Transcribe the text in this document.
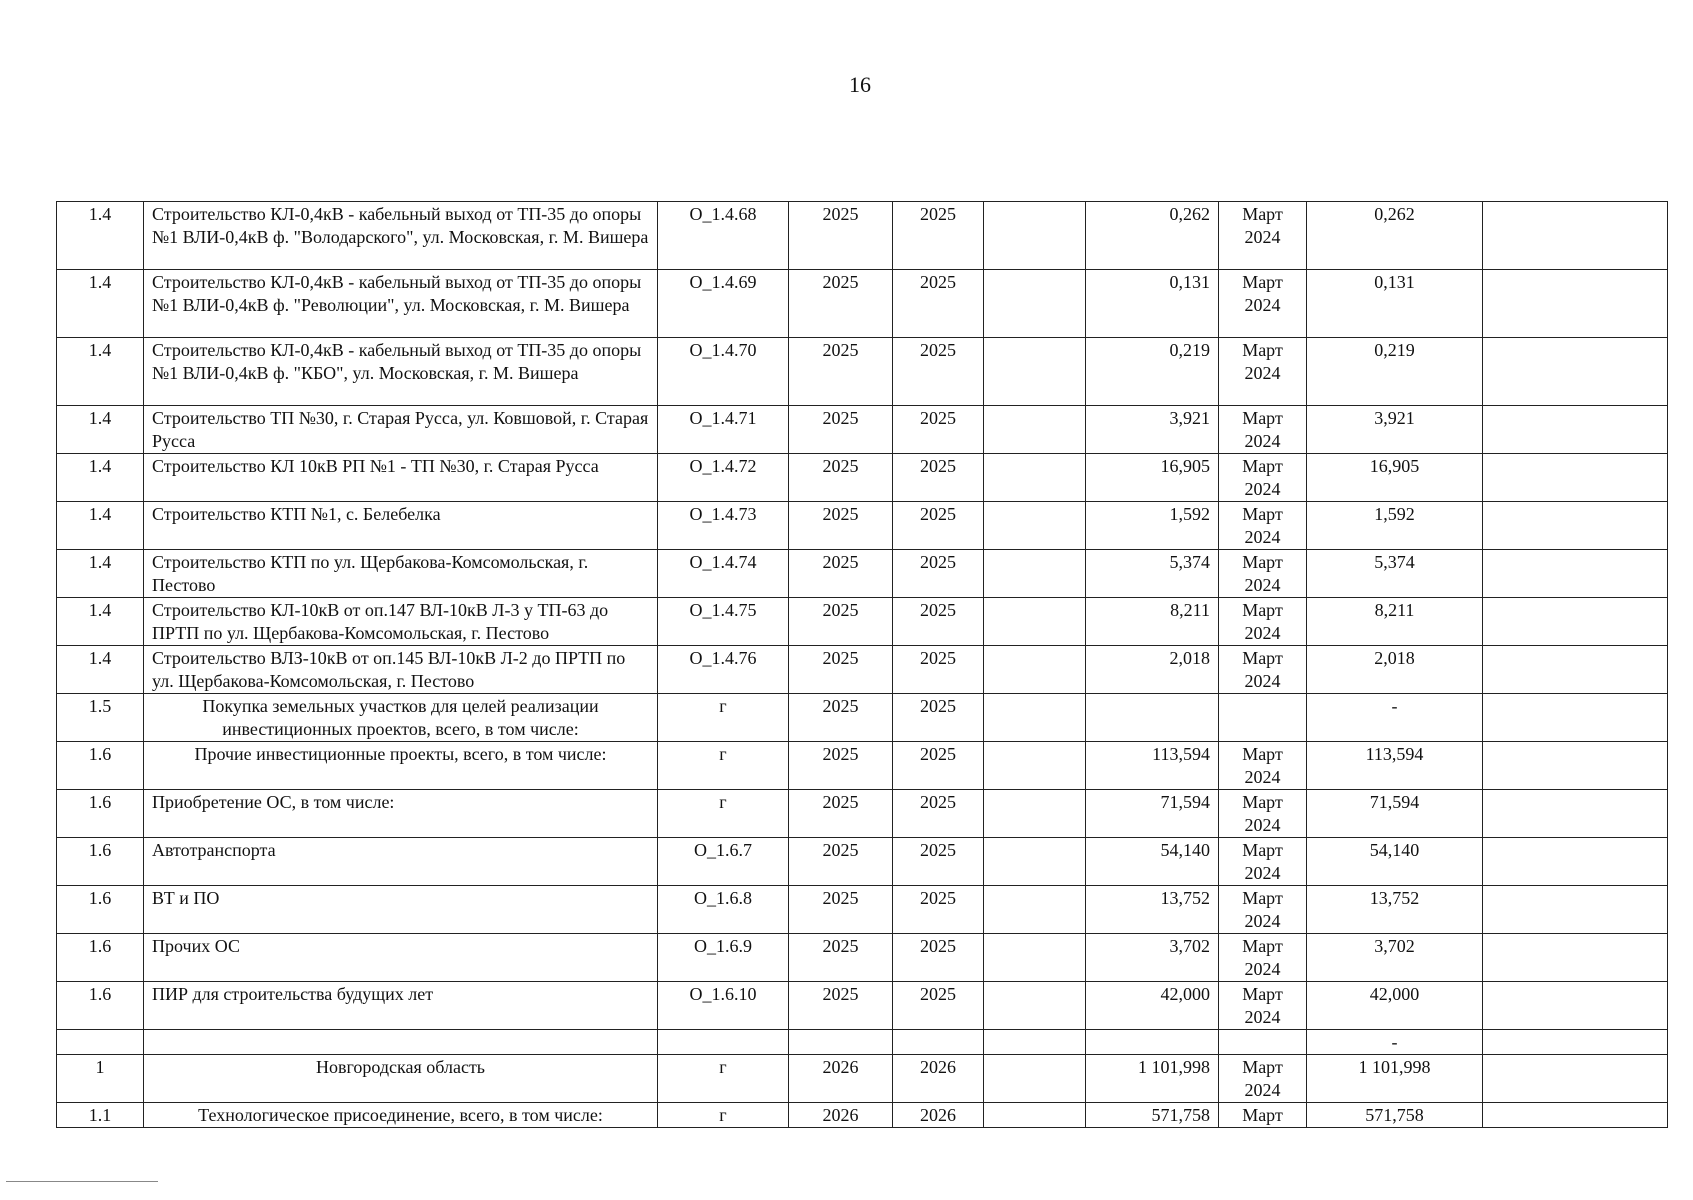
16
1.4	Строительство КЛ-0,4кВ - кабельный выход от ТП-35 до опоры №1 ВЛИ-0,4кВ ф. "Володарского", ул. Московская, г. М. Вишера	О_1.4.68	2025	2025		0,262	Март 2024	0,262	
1.4	Строительство КЛ-0,4кВ - кабельный выход от ТП-35 до опоры №1 ВЛИ-0,4кВ ф. "Революции", ул. Московская, г. М. Вишера	О_1.4.69	2025	2025		0,131	Март 2024	0,131	
1.4	Строительство КЛ-0,4кВ - кабельный выход от ТП-35 до опоры №1 ВЛИ-0,4кВ ф. "КБО", ул. Московская, г. М. Вишера	О_1.4.70	2025	2025		0,219	Март 2024	0,219	
1.4	Строительство ТП №30, г. Старая Русса, ул. Ковшовой, г. Старая Русса	О_1.4.71	2025	2025		3,921	Март 2024	3,921	
1.4	Строительство КЛ 10кВ РП №1 - ТП №30, г. Старая Русса	О_1.4.72	2025	2025		16,905	Март 2024	16,905	
1.4	Строительство КТП №1, с. Белебелка	О_1.4.73	2025	2025		1,592	Март 2024	1,592	
1.4	Строительство КТП по ул. Щербакова-Комсомольская, г. Пестово	О_1.4.74	2025	2025		5,374	Март 2024	5,374	
1.4	Строительство КЛ-10кВ от оп.147 ВЛ-10кВ Л-3 у ТП-63 до ПРТП по ул. Щербакова-Комсомольская, г. Пестово	О_1.4.75	2025	2025		8,211	Март 2024	8,211	
1.4	Строительство ВЛЗ-10кВ от оп.145 ВЛ-10кВ Л-2 до ПРТП по ул. Щербакова-Комсомольская, г. Пестово	О_1.4.76	2025	2025		2,018	Март 2024	2,018	
1.5	Покупка земельных участков для целей реализации инвестиционных проектов, всего, в том числе:	г	2025	2025				-	
1.6	Прочие инвестиционные проекты, всего, в том числе:	г	2025	2025		113,594	Март 2024	113,594	
1.6	Приобретение ОС, в том числе:	г	2025	2025		71,594	Март 2024	71,594	
1.6	Автотранспорта	О_1.6.7	2025	2025		54,140	Март 2024	54,140	
1.6	ВТ и ПО	О_1.6.8	2025	2025		13,752	Март 2024	13,752	
1.6	Прочих ОС	О_1.6.9	2025	2025		3,702	Март 2024	3,702	
1.6	ПИР для строительства будущих лет	О_1.6.10	2025	2025		42,000	Март 2024	42,000	
								-	
1	Новгородская область	г	2026	2026		1 101,998	Март 2024	1 101,998	
1.1	Технологическое присоединение, всего, в том числе:	г	2026	2026		571,758	Март	571,758	
